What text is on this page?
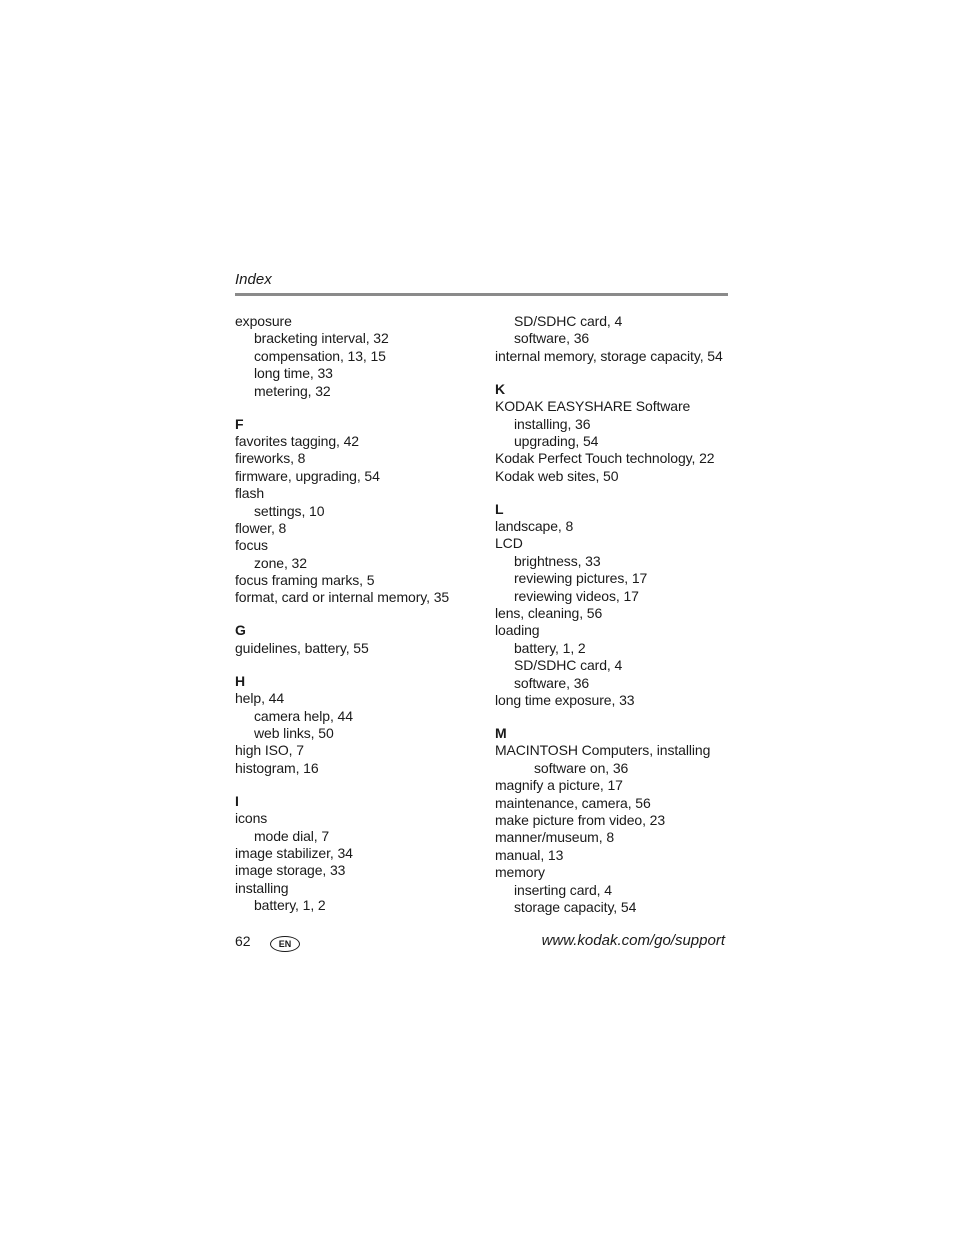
Index
exposure
bracketing interval, 32
compensation, 13, 15
long time, 33
metering, 32
F
favorites tagging, 42
fireworks, 8
firmware, upgrading, 54
flash
settings, 10
flower, 8
focus
zone, 32
focus framing marks, 5
format, card or internal memory, 35
G
guidelines, battery, 55
H
help, 44
camera help, 44
web links, 50
high ISO, 7
histogram, 16
I
icons
mode dial, 7
image stabilizer, 34
image storage, 33
installing
battery, 1, 2
SD/SDHC card, 4
software, 36
internal memory, storage capacity, 54
K
KODAK EASYSHARE Software
installing, 36
upgrading, 54
Kodak Perfect Touch technology, 22
Kodak web sites, 50
L
landscape, 8
LCD
brightness, 33
reviewing pictures, 17
reviewing videos, 17
lens, cleaning, 56
loading
battery, 1, 2
SD/SDHC card, 4
software, 36
long time exposure, 33
M
MACINTOSH Computers, installing
software on, 36
magnify a picture, 17
maintenance, camera, 56
make picture from video, 23
manner/museum, 8
manual, 13
memory
inserting card, 4
storage capacity, 54
62	EN	www.kodak.com/go/support
